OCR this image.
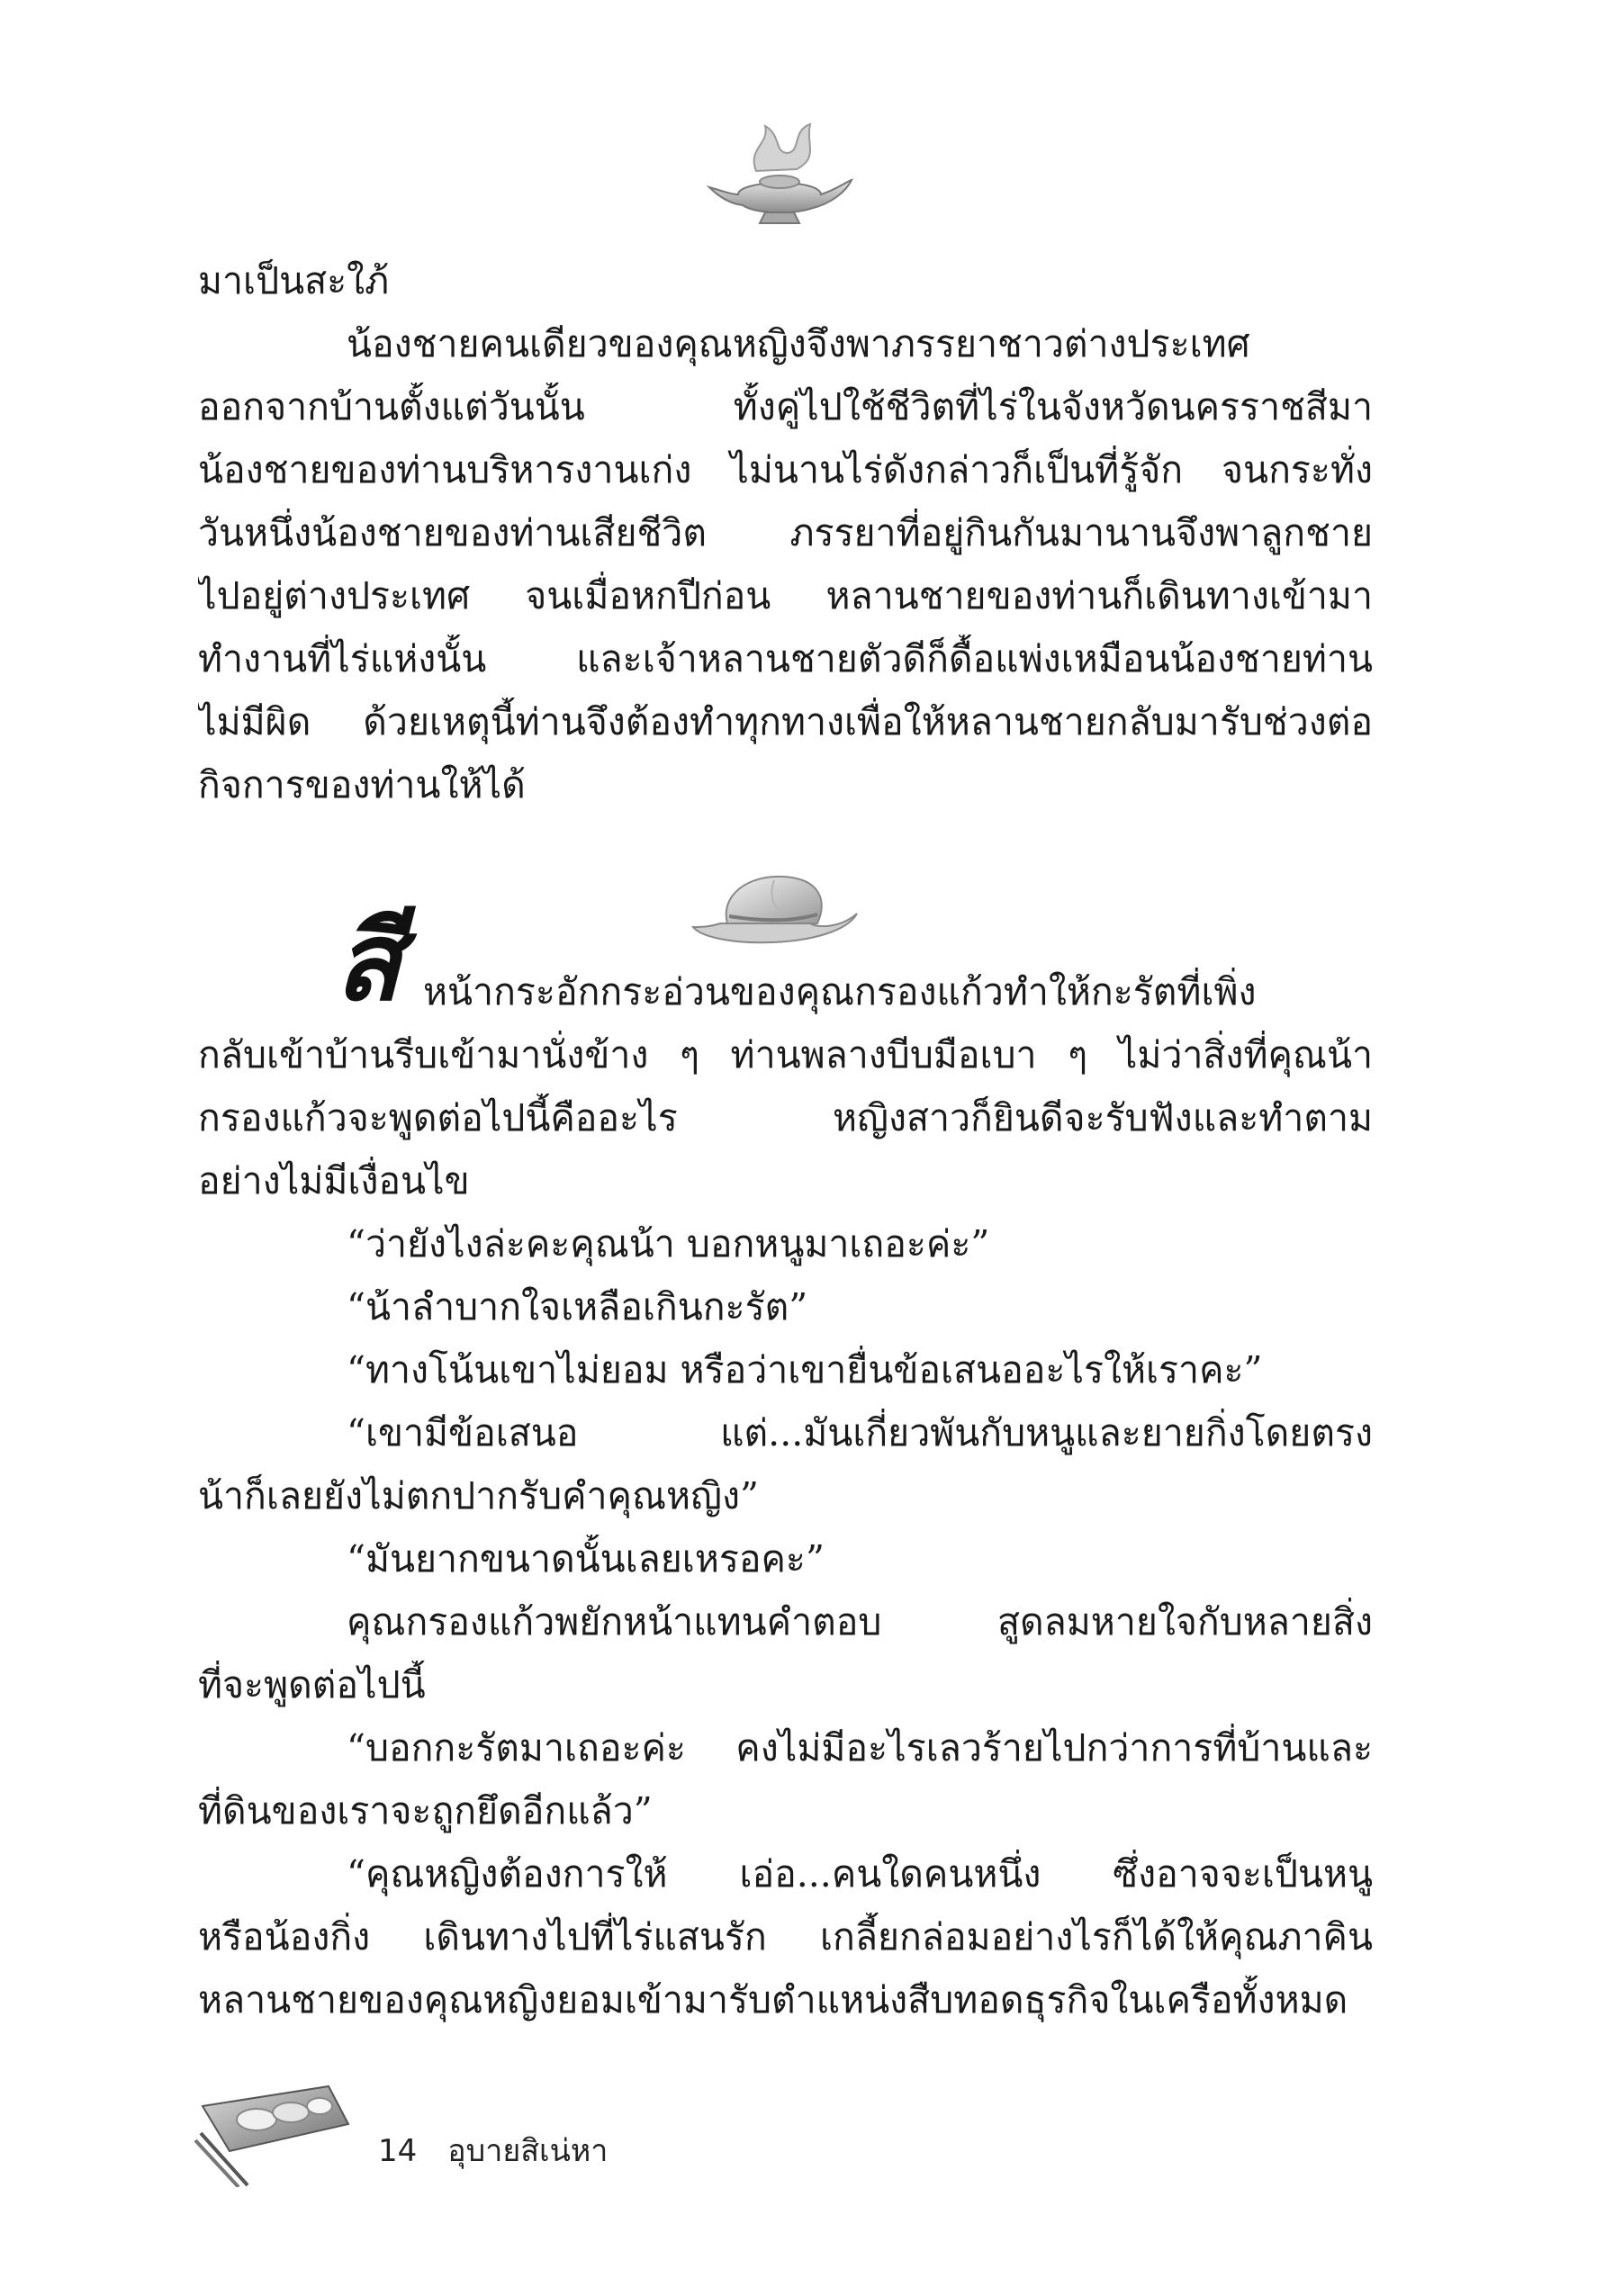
มาเป็นสะใภ้
น้องชายคนเดียวของคุณหญิงจึงพาภรรยาชาวต่างประเทศ
ออกจากบ้านตั้งแต่วันนั้น ทั้งคู่ไปใช้ชีวิตที่ไร่ในจังหวัดนครราชสีมา
น้องชายของท่านบริหารงานเก่ง ไม่นานไร่ดังกล่าวก็เป็นที่รู้จัก จนกระทั่ง
วันหนึ่งน้องชายของท่านเสียชีวิต ภรรยาที่อยู่กินกันมานานจึงพาลูกชาย
ไปอยู่ต่างประเทศ จนเมื่อหกปีก่อน หลานชายของท่านก็เดินทางเข้ามา
ทำงานที่ไร่แห่งนั้น และเจ้าหลานชายตัวดีก็ดื้อแพ่งเหมือนน้องชายท่าน
ไม่มีผิด ด้วยเหตุนี้ท่านจึงต้องทำทุกทางเพื่อให้หลานชายกลับมารับช่วงต่อ
กิจการของท่านให้ได้
สี หน้ากระอักกระอ่วนของคุณกรองแก้วทำให้กะรัตที่เพิ่ง
กลับเข้าบ้านรีบเข้ามานั่งข้าง ๆ ท่านพลางบีบมือเบา ๆ ไม่ว่าสิ่งที่คุณน้า
กรองแก้วจะพูดต่อไปนี้คืออะไร หญิงสาวก็ยินดีจะรับฟังและทำตาม
อย่างไม่มีเงื่อนไข
“ว่ายังไงล่ะคะคุณน้า บอกหนูมาเถอะค่ะ”
“น้าลำบากใจเหลือเกินกะรัต”
“ทางโน้นเขาไม่ยอม หรือว่าเขายื่นข้อเสนออะไรให้เราคะ”
“เขามีข้อเสนอ แต่...มันเกี่ยวพันกับหนูและยายกิ่งโดยตรง
น้าก็เลยยังไม่ตกปากรับคำคุณหญิง”
“มันยากขนาดนั้นเลยเหรอคะ”
คุณกรองแก้วพยักหน้าแทนคำตอบ สูดลมหายใจกับหลายสิ่ง
ที่จะพูดต่อไปนี้
“บอกกะรัตมาเถอะค่ะ คงไม่มีอะไรเลวร้ายไปกว่าการที่บ้านและ
ที่ดินของเราจะถูกยึดอีกแล้ว”
“คุณหญิงต้องการให้ เอ่อ...คนใดคนหนึ่ง ซึ่งอาจจะเป็นหนู
หรือน้องกิ่ง เดินทางไปที่ไร่แสนรัก เกลี้ยกล่อมอย่างไรก็ได้ให้คุณภาคิน
หลานชายของคุณหญิงยอมเข้ามารับตำแหน่งสืบทอดธุรกิจในเครือทั้งหมด
14 อุบายสิเน่หา
